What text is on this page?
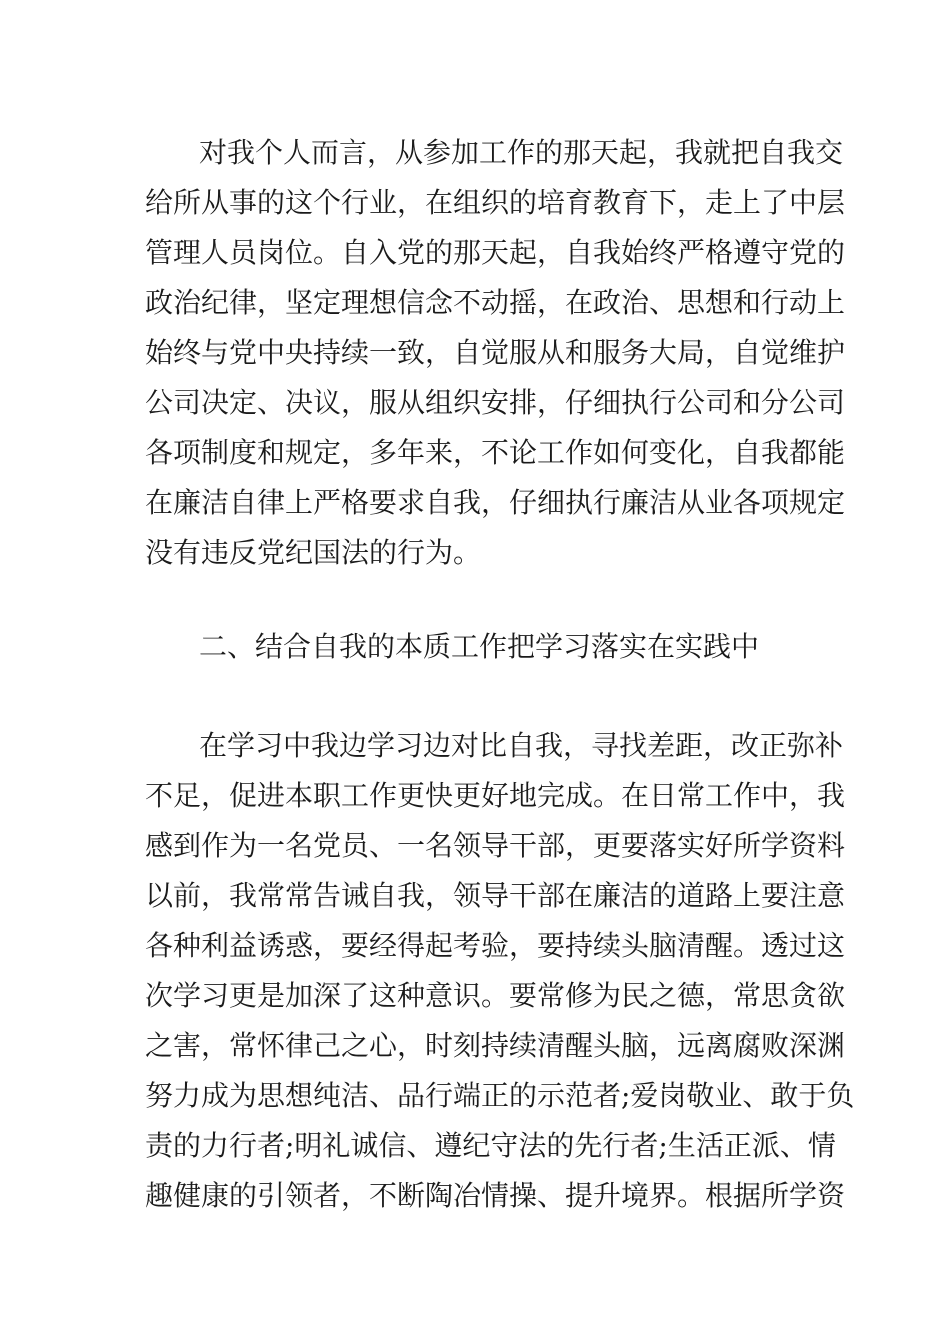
对我个人而言，从参加工作的那天起，我就把自我交
给所从事的这个行业，在组织的培育教育下，走上了中层
管理人员岗位。自入党的那天起，自我始终严格遵守党的
政治纪律，坚定理想信念不动摇，在政治、思想和行动上
始终与党中央持续一致，自觉服从和服务大局，自觉维护
公司决定、决议，服从组织安排，仔细执行公司和分公司
各项制度和规定，多年来，不论工作如何变化，自我都能
在廉洁自律上严格要求自我，仔细执行廉洁从业各项规定
没有违反党纪国法的行为。
二、结合自我的本质工作把学习落实在实践中
在学习中我边学习边对比自我，寻找差距，改正弥补
不足，促进本职工作更快更好地完成。在日常工作中，我
感到作为一名党员、一名领导干部，更要落实好所学资料
以前，我常常告诫自我，领导干部在廉洁的道路上要注意
各种利益诱惑，要经得起考验，要持续头脑清醒。透过这
次学习更是加深了这种意识。要常修为民之德，常思贪欲
之害，常怀律己之心，时刻持续清醒头脑，远离腐败深渊
努力成为思想纯洁、品行端正的示范者;爱岗敬业、敢于负
责的力行者;明礼诚信、遵纪守法的先行者;生活正派、情
趣健康的引领者，不断陶冶情操、提升境界。根据所学资
